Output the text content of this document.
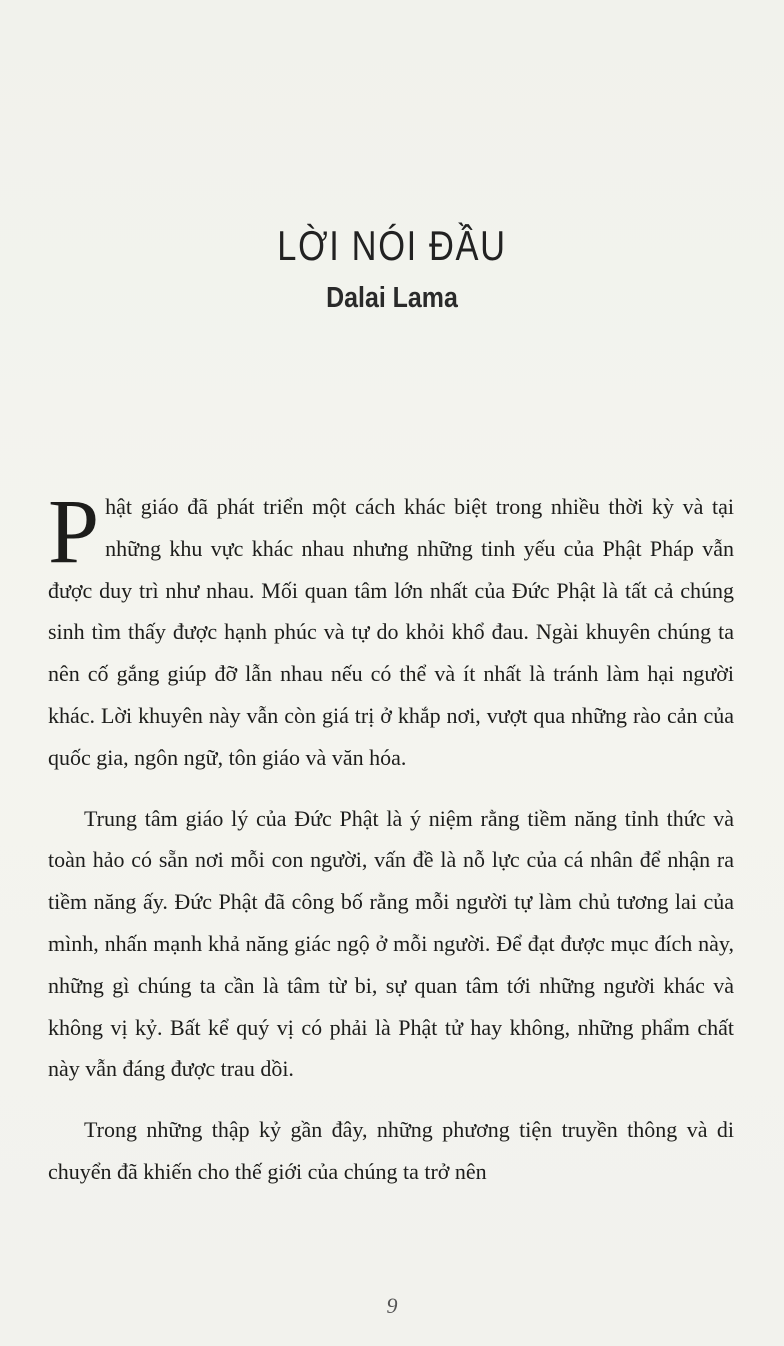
LỜI NÓI ĐẦU
Dalai Lama

Phật giáo đã phát triển một cách khác biệt trong nhiều thời kỳ và tại những khu vực khác nhau nhưng những tinh yếu của Phật Pháp vẫn được duy trì như nhau. Mối quan tâm lớn nhất của Đức Phật là tất cả chúng sinh tìm thấy được hạnh phúc và tự do khỏi khổ đau. Ngài khuyên chúng ta nên cố gắng giúp đỡ lẫn nhau nếu có thể và ít nhất là tránh làm hại người khác. Lời khuyên này vẫn còn giá trị ở khắp nơi, vượt qua những rào cản của quốc gia, ngôn ngữ, tôn giáo và văn hóa.

Trung tâm giáo lý của Đức Phật là ý niệm rằng tiềm năng tỉnh thức và toàn hảo có sẵn nơi mỗi con người, vấn đề là nỗ lực của cá nhân để nhận ra tiềm năng ấy. Đức Phật đã công bố rằng mỗi người tự làm chủ tương lai của mình, nhấn mạnh khả năng giác ngộ ở mỗi người. Để đạt được mục đích này, những gì chúng ta cần là tâm từ bi, sự quan tâm tới những người khác và không vị kỷ. Bất kể quý vị có phải là Phật tử hay không, những phẩm chất này vẫn đáng được trau dồi.

Trong những thập kỷ gần đây, những phương tiện truyền thông và di chuyển đã khiến cho thế giới của chúng ta trở nên

9
